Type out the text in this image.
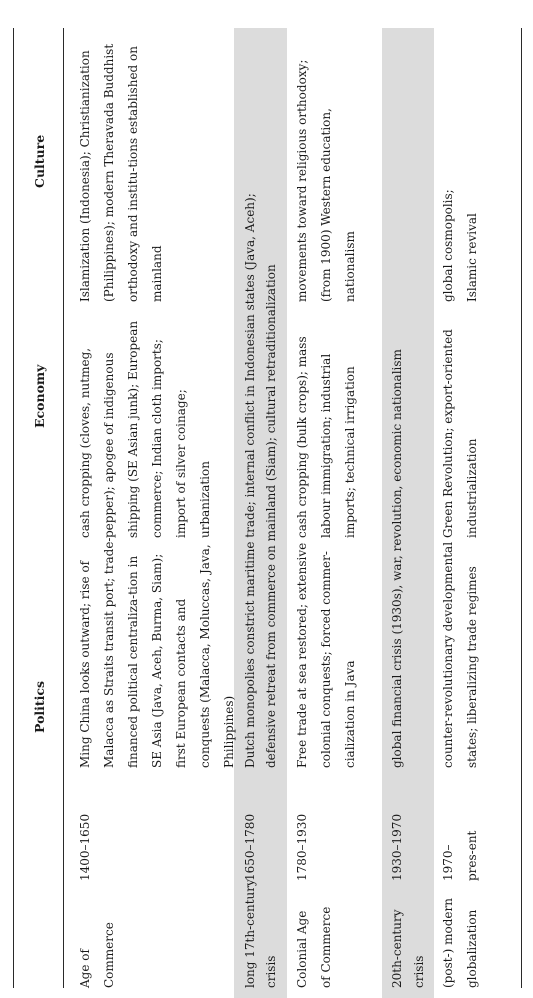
Politics
Economy
Culture
Age of Commerce
1400–1650
Ming China looks outward; rise of Malacca as Straits transit port; trade-financed political centraliza-tion in SE Asia (Java, Aceh, Burma, Siam); first European contacts and conquests (Malacca, Moluccas, Java, Philippines)
cash cropping (cloves, nutmeg, pepper); apogee of indigenous shipping (SE Asian junk); European commerce; Indian cloth imports; import of silver coinage; urbanization
Islamization (Indonesia); Christianization (Philippines); modern Theravada Buddhist orthodoxy and institu-tions established on mainland
long 17th-century crisis
1650–1780
Dutch monopolies constrict maritime trade; internal conflict in Indonesian states (Java, Aceh); defensive retreat from commerce on mainland (Siam); cultural retraditionalization
Colonial Age of Commerce
1780–1930
Free trade at sea restored; extensive colonial conquests; forced commer-cialization in Java
cash cropping (bulk crops); mass labour immigration; industrial imports; technical irrigation
movements toward religious orthodoxy; (from 1900) Western education, nationalism
20th-century crisis
1930–1970
global financial crisis (1930s), war, revolution, economic nationalism
(post-) modern globalization
1970–pres-ent
counter-revolutionary developmental states; liberalizing trade regimes
Green Revolution; export-oriented industrialization
global cosmopolis; Islamic revival
